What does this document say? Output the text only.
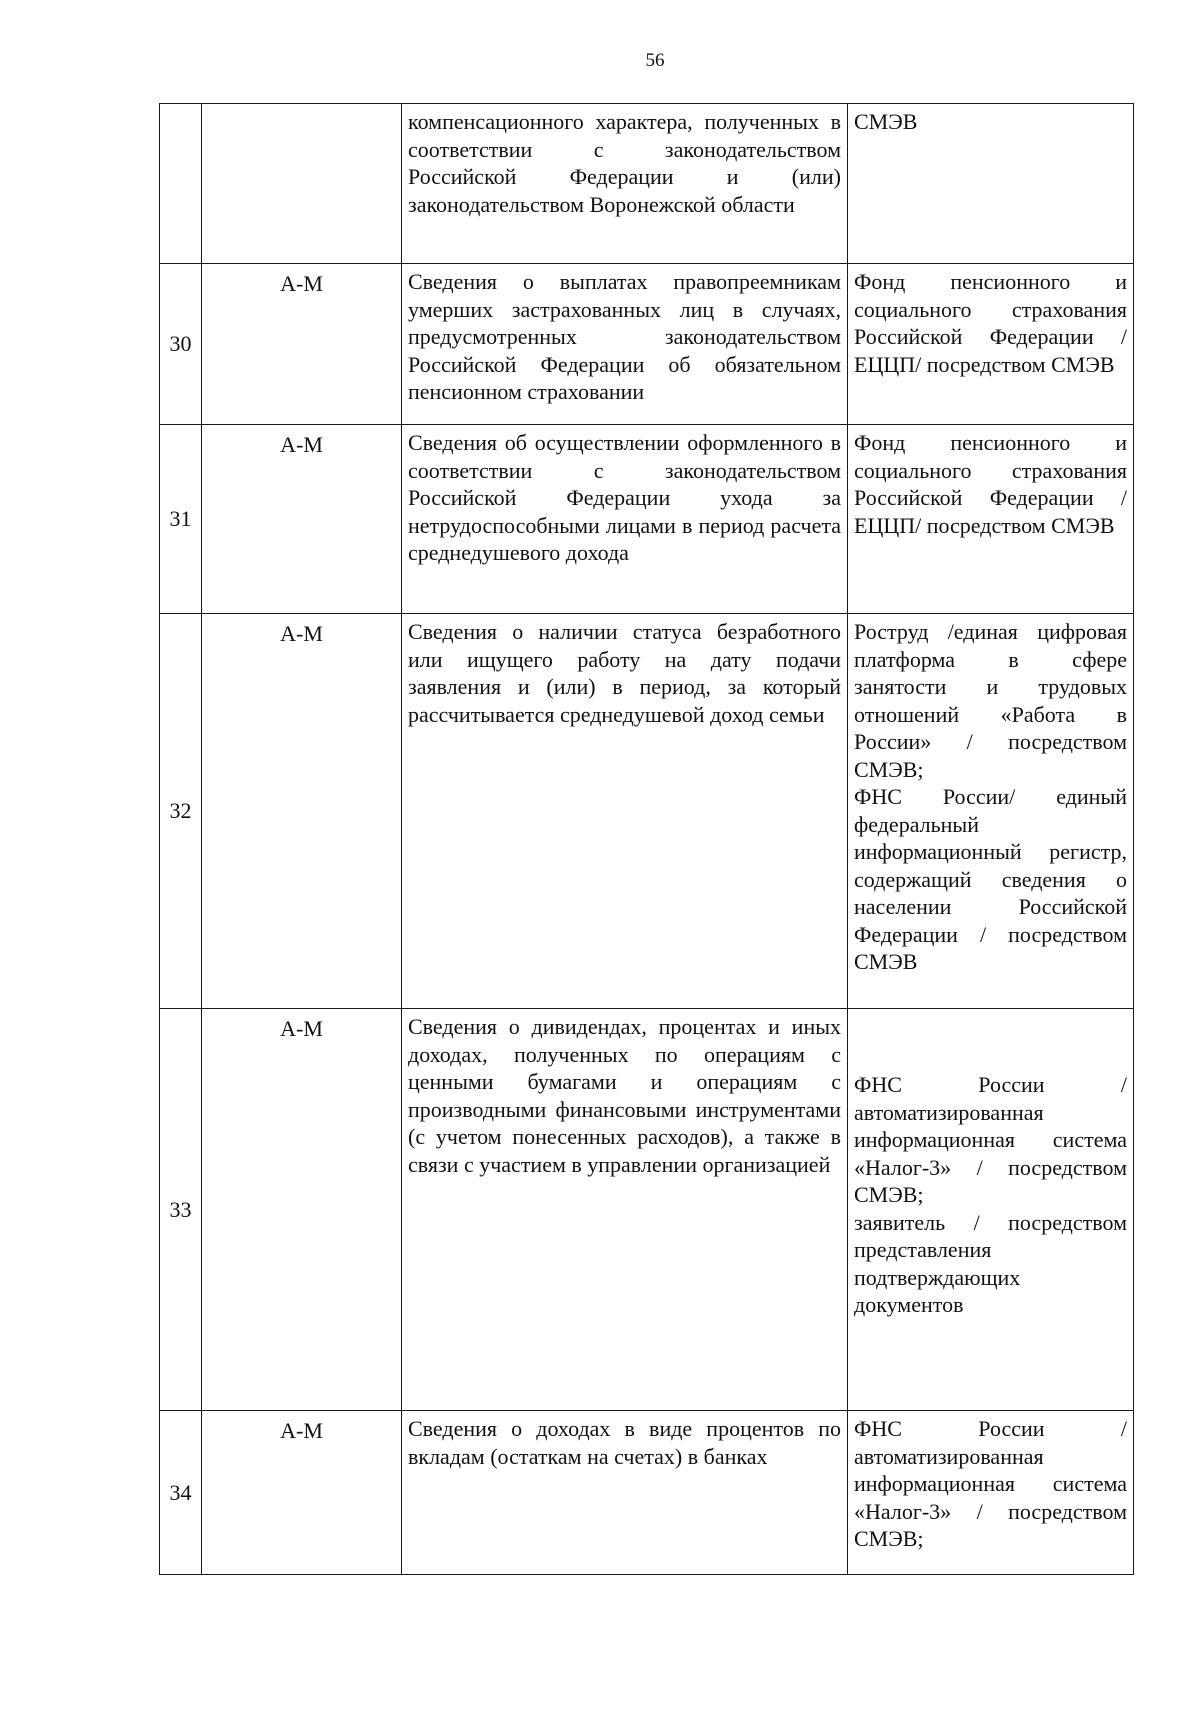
56
		компенсационного характера, полученных в соответствии с законодательством Российской Федерации и (или) законодательством Воронежской области	СМЭВ

30	А-М	Сведения о выплатах правопреемникам умерших застрахованных лиц в случаях, предусмотренных законодательством Российской Федерации об обязательном пенсионном страховании	Фонд пенсионного и социального страхования Российской Федерации / ЕЦЦП/ посредством СМЭВ

31	А-М	Сведения об осуществлении оформленного в соответствии с законодательством Российской Федерации ухода за нетрудоспособными лицами в период расчета среднедушевого дохода	Фонд пенсионного и социального страхования Российской Федерации / ЕЦЦП/ посредством СМЭВ

32	А-М	Сведения о наличии статуса безработного или ищущего работу на дату подачи заявления и (или) в период, за который рассчитывается среднедушевой доход семьи	Роструд /единая цифровая платформа в сфере занятости и трудовых отношений «Работа в России» / посредством СМЭВ;
ФНС России/ единый федеральный информационный регистр, содержащий сведения о населении Российской Федерации / посредством СМЭВ

33	А-М	Сведения о дивидендах, процентах и иных доходах, полученных по операциям с ценными бумагами и операциям с производными финансовыми инструментами (с учетом понесенных расходов), а также в связи с участием в управлении организацией	ФНС России / автоматизированная информационная система «Налог-3» / посредством СМЭВ;
заявитель / посредством представления подтверждающих документов

34	А-М	Сведения о доходах в виде процентов по вкладам (остаткам на счетах) в банках	ФНС России / автоматизированная информационная система «Налог-3» / посредством СМЭВ;
